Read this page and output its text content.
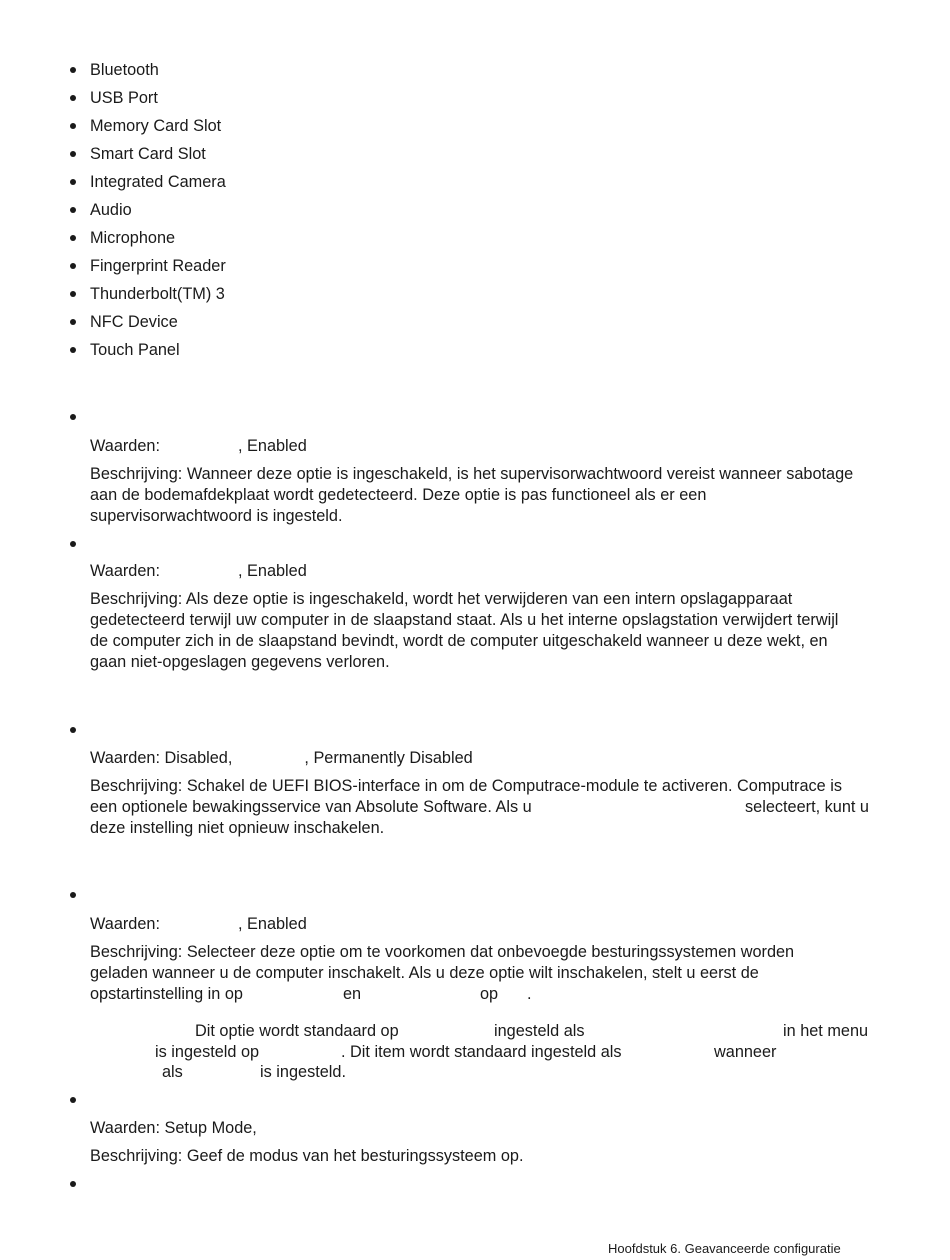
Bluetooth
USB Port
Memory Card Slot
Smart Card Slot
Integrated Camera
Audio
Microphone
Fingerprint Reader
Thunderbolt(TM) 3
NFC Device
Touch Panel
Waarden:	, Enabled
Beschrijving: Wanneer deze optie is ingeschakeld, is het supervisorwachtwoord vereist wanneer sabotage
aan de bodemafdekplaat wordt gedetecteerd. Deze optie is pas functioneel als er een
supervisorwachtwoord is ingesteld.
Waarden:	, Enabled
Beschrijving: Als deze optie is ingeschakeld, wordt het verwijderen van een intern opslagapparaat
gedetecteerd terwijl uw computer in de slaapstand staat. Als u het interne opslagstation verwijdert terwijl
de computer zich in de slaapstand bevindt, wordt de computer uitgeschakeld wanneer u deze wekt, en
gaan niet-opgeslagen gegevens verloren.
Waarden: Disabled,	, Permanently Disabled
Beschrijving: Schakel de UEFI BIOS-interface in om de Computrace-module te activeren. Computrace is
een optionele bewakingsservice van Absolute Software. Als u	selecteert, kunt u
deze instelling niet opnieuw inschakelen.
Waarden:	, Enabled
Beschrijving: Selecteer deze optie om te voorkomen dat onbevoegde besturingssystemen worden
geladen wanneer u de computer inschakelt. Als u deze optie wilt inschakelen, stelt u eerst de
opstartinstelling in op	en	op .
Dit optie wordt standaard op	ingesteld als	in het menu
is ingesteld op	. Dit item wordt standaard ingesteld als	wanneer
als	is ingesteld.
Waarden: Setup Mode,
Beschrijving: Geef de modus van het besturingssysteem op.
Hoofdstuk 6. Geavanceerde configuratie
